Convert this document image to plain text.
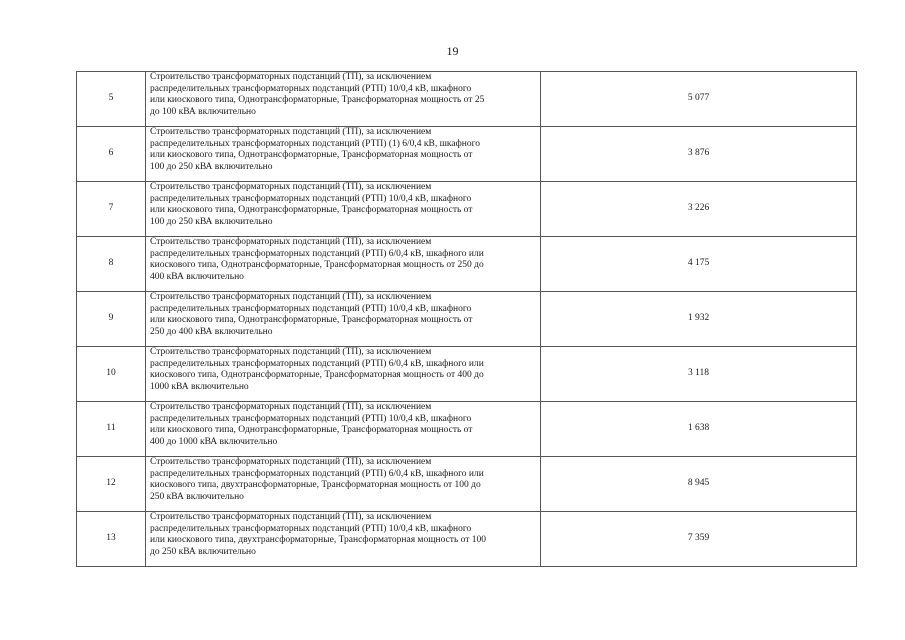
19
5	Строительство трансформаторных подстанций (ТП), за исключением
распределительных трансформаторных подстанций (РТП) 10/0,4 кВ, шкафного
или киоскового типа, Однотрансформаторные, Трансформаторная мощность от 25
до 100 кВА включительно	5 077
6	Строительство трансформаторных подстанций (ТП), за исключением
распределительных трансформаторных подстанций (РТП) (1) 6/0,4 кВ, шкафного
или киоскового типа, Однотрансформаторные, Трансформаторная мощность от
100 до 250 кВА включительно	3 876
7	Строительство трансформаторных подстанций (ТП), за исключением
распределительных трансформаторных подстанций (РТП) 10/0,4 кВ, шкафного
или киоскового типа, Однотрансформаторные, Трансформаторная мощность от
100 до 250 кВА включительно	3 226
8	Строительство трансформаторных подстанций (ТП), за исключением
распределительных трансформаторных подстанций (РТП) 6/0,4 кВ, шкафного или
киоскового типа, Однотрансформаторные, Трансформаторная мощность от 250 до
400 кВА включительно	4 175
9	Строительство трансформаторных подстанций (ТП), за исключением
распределительных трансформаторных подстанций (РТП) 10/0,4 кВ, шкафного
или киоскового типа, Однотрансформаторные, Трансформаторная мощность от
250 до 400 кВА включительно	1 932
10	Строительство трансформаторных подстанций (ТП), за исключением
распределительных трансформаторных подстанций (РТП) 6/0,4 кВ, шкафного или
киоскового типа, Однотрансформаторные, Трансформаторная мощность от 400 до
1000 кВА включительно	3 118
11	Строительство трансформаторных подстанций (ТП), за исключением
распределительных трансформаторных подстанций (РТП) 10/0,4 кВ, шкафного
или киоскового типа, Однотрансформаторные, Трансформаторная мощность от
400 до 1000 кВА включительно	1 638
12	Строительство трансформаторных подстанций (ТП), за исключением
распределительных трансформаторных подстанций (РТП) 6/0,4 кВ, шкафного или
киоскового типа, двухтрансформаторные, Трансформаторная мощность от 100 до
250 кВА включительно	8 945
13	Строительство трансформаторных подстанций (ТП), за исключением
распределительных трансформаторных подстанций (РТП) 10/0,4 кВ, шкафного
или киоскового типа, двухтрансформаторные, Трансформаторная мощность от 100
до 250 кВА включительно	7 359
